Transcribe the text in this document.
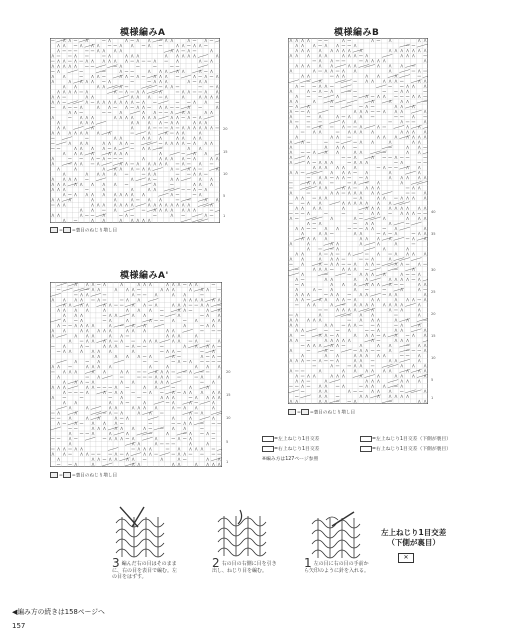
模様編みA	模様編みB
模様編みA'
20
15
10
5
1
= =裏目のねじり増し目
20
15
10
5
1
= =裏目のねじり増し目
40
35
30
25
20
15
10
5
1
= =裏目のねじり増し目
=左上ねじり1目交差	=左上ねじり1目交差（下側が裏目）
=右上ねじり1目交差	=右上ねじり1目交差（下側が裏目）
※編み方は127ページ参照
3 編んだ右の目はそのままに、右の目を表目で編む。左の目をはずす。
2 右の目の右側に目を引き出し、ねじり目を編む。
1 左の目に右の目の手前から矢印のように針を入れる。
左上ねじり1目交差
（下側が裏目）
✕
◀編み方の続きは158ページへ
157
